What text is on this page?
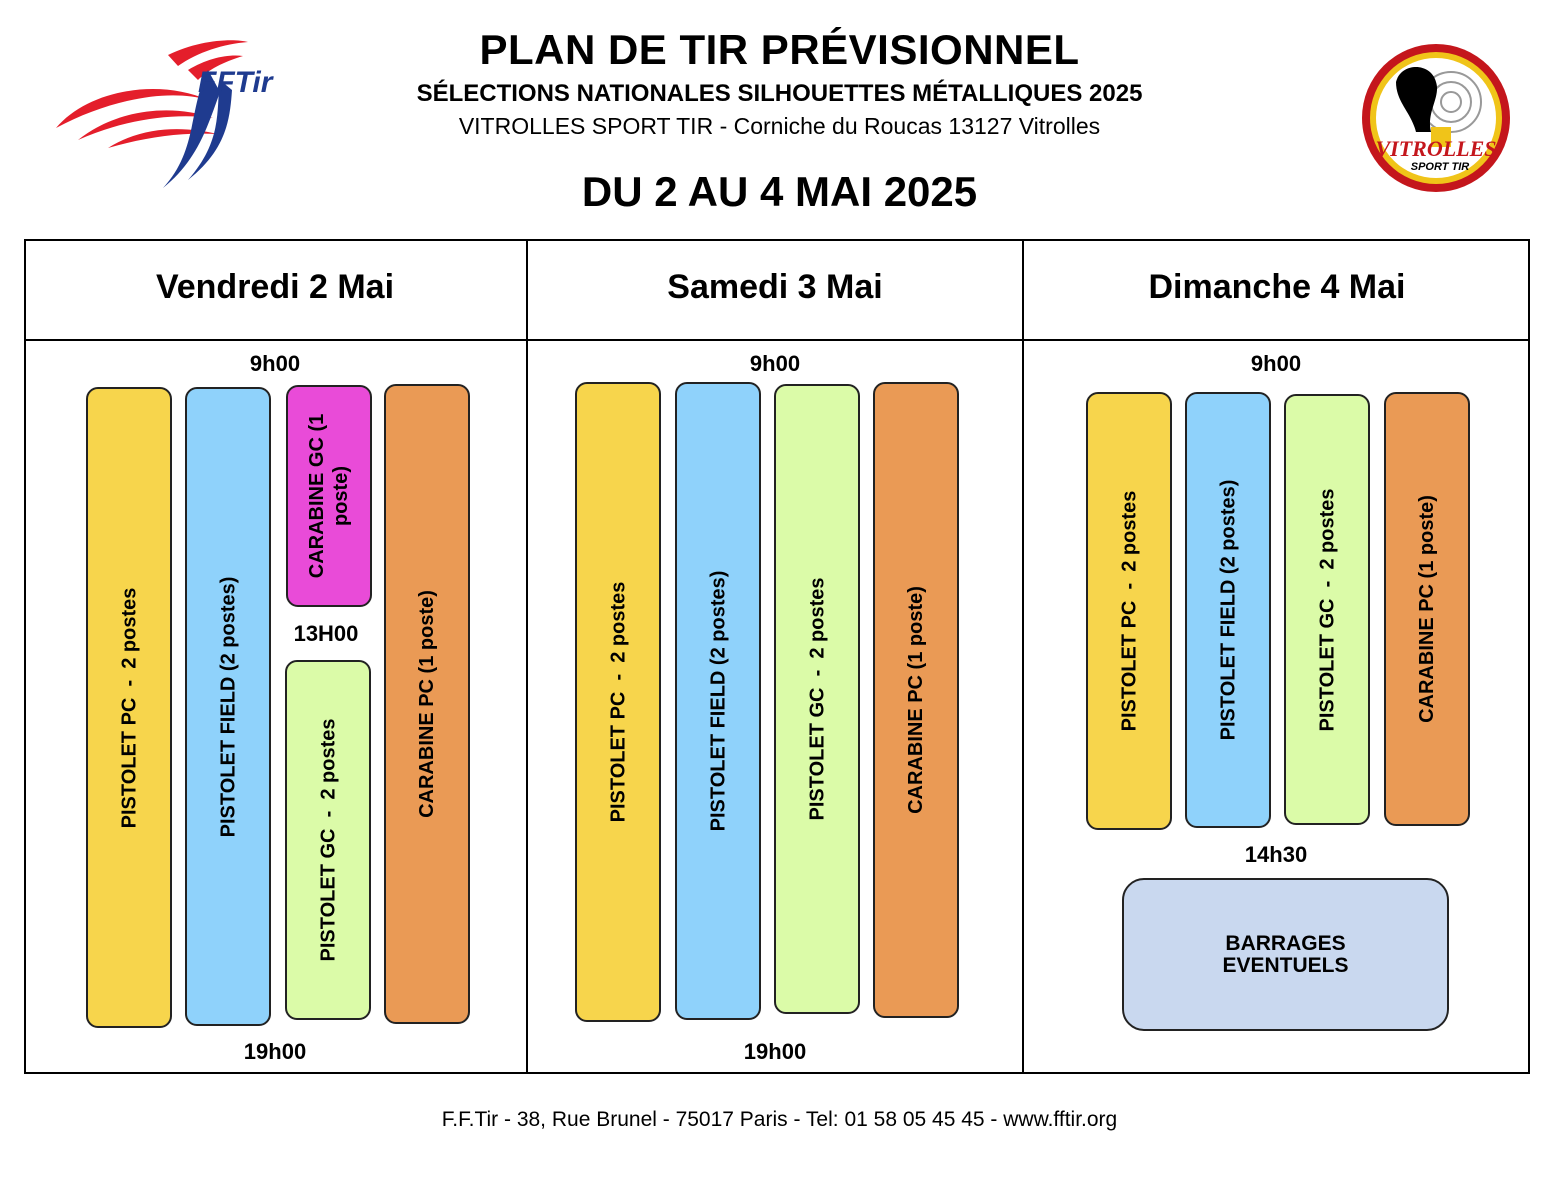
PLAN DE TIR PRÉVISIONNEL
SÉLECTIONS NATIONALES SILHOUETTES MÉTALLIQUES 2025
VITROLLES SPORT TIR - Corniche du Roucas 13127 Vitrolles
DU 2 AU 4 MAI 2025
FFTir
VITROLLES
SPORT TIR
Vendredi 2 Mai	Samedi 3 Mai	Dimanche 4 Mai
9h00
PISTOLET PC  -  2 postes	PISTOLET FIELD (2 postes)
CARABINE GC (1
poste)
13H00
PISTOLET GC  -  2 postes
CARABINE PC (1 poste)
19h00
9h00
PISTOLET PC  -  2 postes	PISTOLET FIELD (2 postes)	PISTOLET GC  -  2 postes	CARABINE PC (1 poste)
19h00
9h00
PISTOLET PC  -  2 postes	PISTOLET FIELD (2 postes)	PISTOLET GC  -  2 postes	CARABINE PC (1 poste)
14h30
BARRAGES
EVENTUELS
F.F.Tir - 38, Rue Brunel - 75017 Paris - Tel: 01 58 05 45 45 - www.fftir.org
